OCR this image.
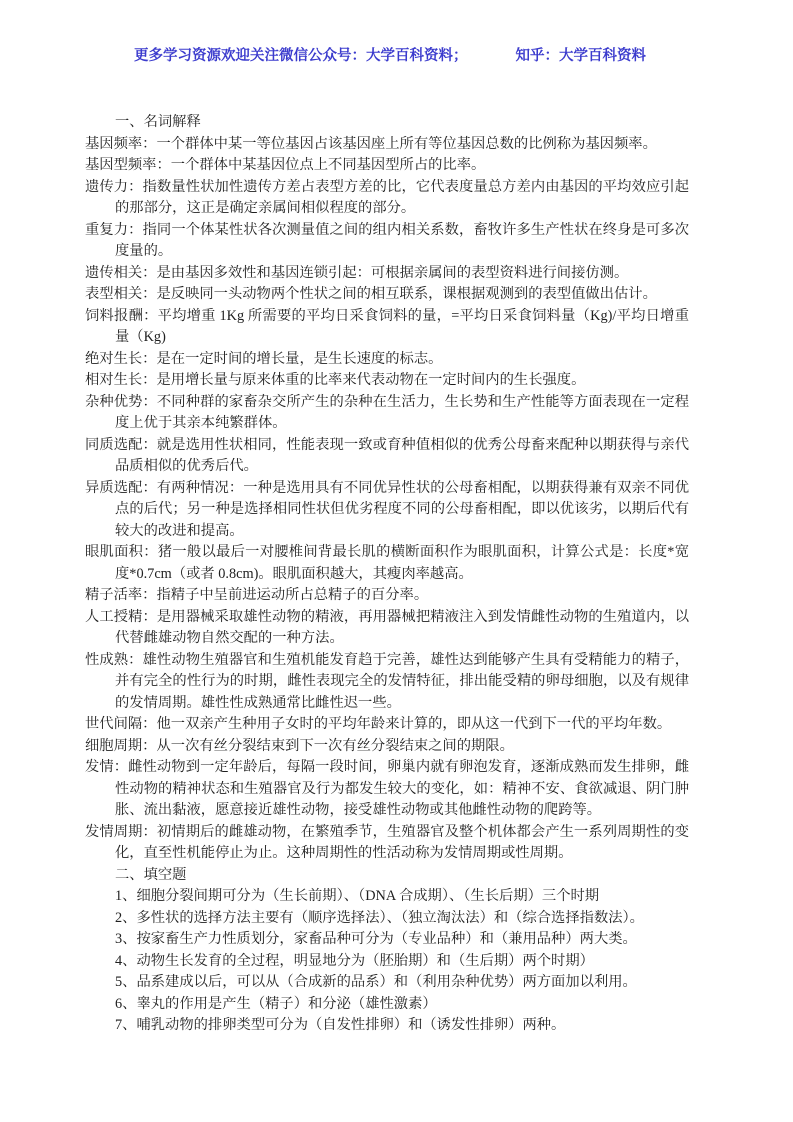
更多学习资源欢迎关注微信公众号：大学百科资料；	知乎：大学百科资料

一、名词解释

基因频率：一个群体中某一等位基因占该基因座上所有等位基因总数的比例称为基因频率。

基因型频率：一个群体中某基因位点上不同基因型所占的比率。

遗传力：指数量性状加性遗传方差占表型方差的比，它代表度量总方差内由基因的平均效应引起的那部分，这正是确定亲属间相似程度的部分。

重复力：指同一个体某性状各次测量值之间的组内相关系数，畜牧许多生产性状在终身是可多次度量的。

遗传相关：是由基因多效性和基因连锁引起：可根据亲属间的表型资料进行间接仿测。

表型相关：是反映同一头动物两个性状之间的相互联系，课根据观测到的表型值做出估计。

饲料报酬：平均增重 1Kg 所需要的平均日采食饲料的量，=平均日采食饲料量（Kg)/平均日增重量（Kg)

绝对生长：是在一定时间的增长量，是生长速度的标志。

相对生长：是用增长量与原来体重的比率来代表动物在一定时间内的生长强度。

杂种优势：不同种群的家畜杂交所产生的杂种在生活力，生长势和生产性能等方面表现在一定程度上优于其亲本纯繁群体。

同质选配：就是选用性状相同，性能表现一致或育种值相似的优秀公母畜来配种以期获得与亲代品质相似的优秀后代。

异质选配：有两种情况：一种是选用具有不同优异性状的公母畜相配，以期获得兼有双亲不同优点的后代；另一种是选择相同性状但优劣程度不同的公母畜相配，即以优该劣，以期后代有较大的改进和提高。

眼肌面积：猪一般以最后一对腰椎间背最长肌的横断面积作为眼肌面积，计算公式是：长度*宽度*0.7cm（或者 0.8cm)。眼肌面积越大，其瘦肉率越高。

精子活率：指精子中呈前进运动所占总精子的百分率。

人工授精：是用器械采取雄性动物的精液，再用器械把精液注入到发情雌性动物的生殖道内，以代替雌雄动物自然交配的一种方法。

性成熟：雄性动物生殖器官和生殖机能发育趋于完善，雄性达到能够产生具有受精能力的精子，并有完全的性行为的时期，雌性表现完全的发情特征，排出能受精的卵母细胞，以及有规律的发情周期。雄性性成熟通常比雌性迟一些。

世代间隔：他一双亲产生种用子女时的平均年龄来计算的，即从这一代到下一代的平均年数。

细胞周期：从一次有丝分裂结束到下一次有丝分裂结束之间的期限。

发情：雌性动物到一定年龄后，每隔一段时间，卵巢内就有卵泡发育，逐渐成熟而发生排卵，雌性动物的精神状态和生殖器官及行为都发生较大的变化，如：精神不安、食欲减退、阴门肿胀、流出黏液，愿意接近雄性动物，接受雄性动物或其他雌性动物的爬跨等。

发情周期：初情期后的雌雄动物，在繁殖季节，生殖器官及整个机体都会产生一系列周期性的变化，直至性机能停止为止。这种周期性的性活动称为发情周期或性周期。

二、填空题

1、细胞分裂间期可分为（生长前期）、（DNA 合成期）、（生长后期）三个时期

2、多性状的选择方法主要有（顺序选择法）、（独立淘汰法）和（综合选择指数法）。

3、按家畜生产力性质划分，家畜品种可分为（专业品种）和（兼用品种）两大类。

4、动物生长发育的全过程，明显地分为（胚胎期）和（生后期）两个时期）

5、品系建成以后，可以从（合成新的品系）和（利用杂种优势）两方面加以利用。

6、睾丸的作用是产生（精子）和分泌（雄性激素）

7、哺乳动物的排卵类型可分为（自发性排卵）和（诱发性排卵）两种。
